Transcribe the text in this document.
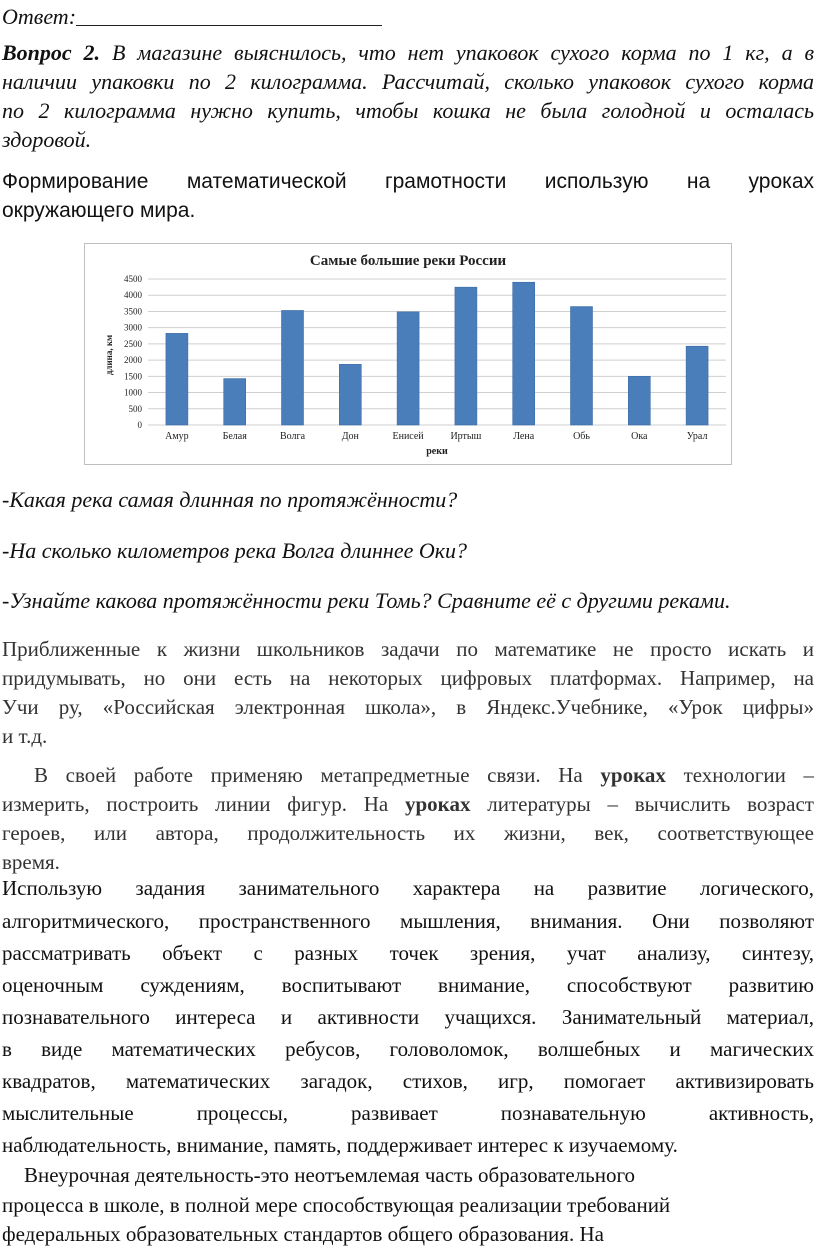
Ответ:
Вопрос 2. В магазине выяснилось, что нет упаковок сухого корма по 1 кг, а в
наличии упаковки по 2 килограмма. Рассчитай, сколько упаковок сухого корма
по 2 килограмма нужно купить, чтобы кошка не была голодной и осталась
здоровой.
Формирование математической грамотности использую на уроках
окружающего мира.
Самые большие реки России
0
500
1000
1500
2000
2500
3000
3500
4000
4500
Амур	Белая	Волга	Дон	Енисей	Иртыш	Лена	Обь	Ока	Урал
длина, км
реки
-Какая река самая длинная по протяжённости?
-На сколько километров река Волга длиннее Оки?
-Узнайте какова протяжённости реки Томь? Сравните её с другими реками.
Приближенные к жизни школьников задачи по математике не просто искать и
придумывать, но они есть на некоторых цифровых платформах. Например, на
Учи ру, «Российская электронная школа», в Яндекс.Учебнике, «Урок цифры»
и т.д.
В своей работе применяю метапредметные связи. На уроках технологии –
измерить, построить линии фигур. На уроках литературы – вычислить возраст
героев, или автора, продолжительность их жизни, век, соответствующее
время.
Использую задания занимательного характера на развитие логического,
алгоритмического, пространственного мышления, внимания. Они позволяют
рассматривать объект с разных точек зрения, учат анализу, синтезу,
оценочным суждениям, воспитывают внимание, способствуют развитию
познавательного интереса и активности учащихся. Занимательный материал,
в виде математических ребусов, головоломок, волшебных и магических
квадратов, математических загадок, стихов, игр, помогает активизировать
мыслительные процессы, развивает познавательную активность,
наблюдательность, внимание, память, поддерживает интерес к изучаемому.
Внеурочная деятельность-это неотъемлемая часть образовательного
процесса в школе, в полной мере способствующая реализации требований
федеральных образовательных стандартов общего образования. На
